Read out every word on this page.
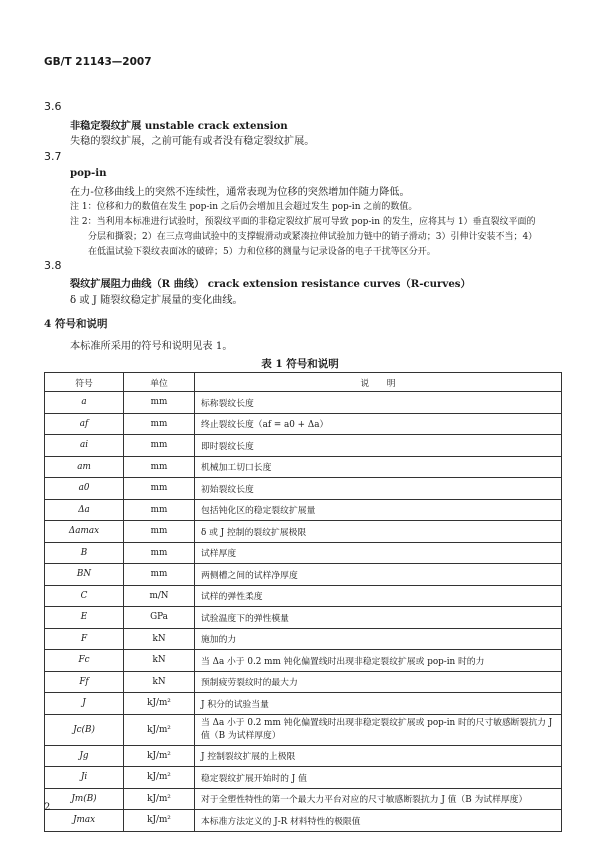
GB/T 21143—2007
3.6
非稳定裂纹扩展 unstable crack extension
失稳的裂纹扩展，之前可能有或者没有稳定裂纹扩展。
3.7
pop-in
在力-位移曲线上的突然不连续性，通常表现为位移的突然增加伴随力降低。
注 1：位移和力的数值在发生 pop-in 之后仍会增加且会超过发生 pop-in 之前的数值。
注 2：当利用本标准进行试验时，预裂纹平面的非稳定裂纹扩展可导致 pop-in 的发生，应将其与 1）垂直裂纹平面的
分层和撕裂；2）在三点弯曲试验中的支撑辊滑动或紧凑拉伸试验加力链中的销子滑动；3）引伸计安装不当；4）
在低温试验下裂纹表面冰的破碎；5）力和位移的测量与记录设备的电子干扰等区分开。
3.8
裂纹扩展阻力曲线（R 曲线） crack extension resistance curves（R-curves）
δ 或 J 随裂纹稳定扩展量的变化曲线。
4 符号和说明
本标准所采用的符号和说明见表 1。
表 1 符号和说明
符号	单位	说　　明
a	mm	标称裂纹长度
af	mm	终止裂纹长度（af = a0 + Δa）
ai	mm	即时裂纹长度
am	mm	机械加工切口长度
a0	mm	初始裂纹长度
Δa	mm	包括钝化区的稳定裂纹扩展量
Δamax	mm	δ 或 J 控制的裂纹扩展极限
B	mm	试样厚度
BN	mm	两侧槽之间的试样净厚度
C	m/N	试样的弹性柔度
E	GPa	试验温度下的弹性模量
F	kN	施加的力
Fc	kN	当 Δa 小于 0.2 mm 钝化偏置线时出现非稳定裂纹扩展或 pop-in 时的力
Ff	kN	预制疲劳裂纹时的最大力
J	kJ/m²	J 积分的试验当量
Jc(B)	kJ/m²	当 Δa 小于 0.2 mm 钝化偏置线时出现非稳定裂纹扩展或 pop-in 时的尺寸敏感断裂抗力 J 值（B 为试样厚度）
Jg	kJ/m²	J 控制裂纹扩展的上极限
Ji	kJ/m²	稳定裂纹扩展开始时的 J 值
Jm(B)	kJ/m²	对于全塑性特性的第一个最大力平台对应的尺寸敏感断裂抗力 J 值（B 为试样厚度）
Jmax	kJ/m²	本标准方法定义的 J-R 材料特性的极限值
2
